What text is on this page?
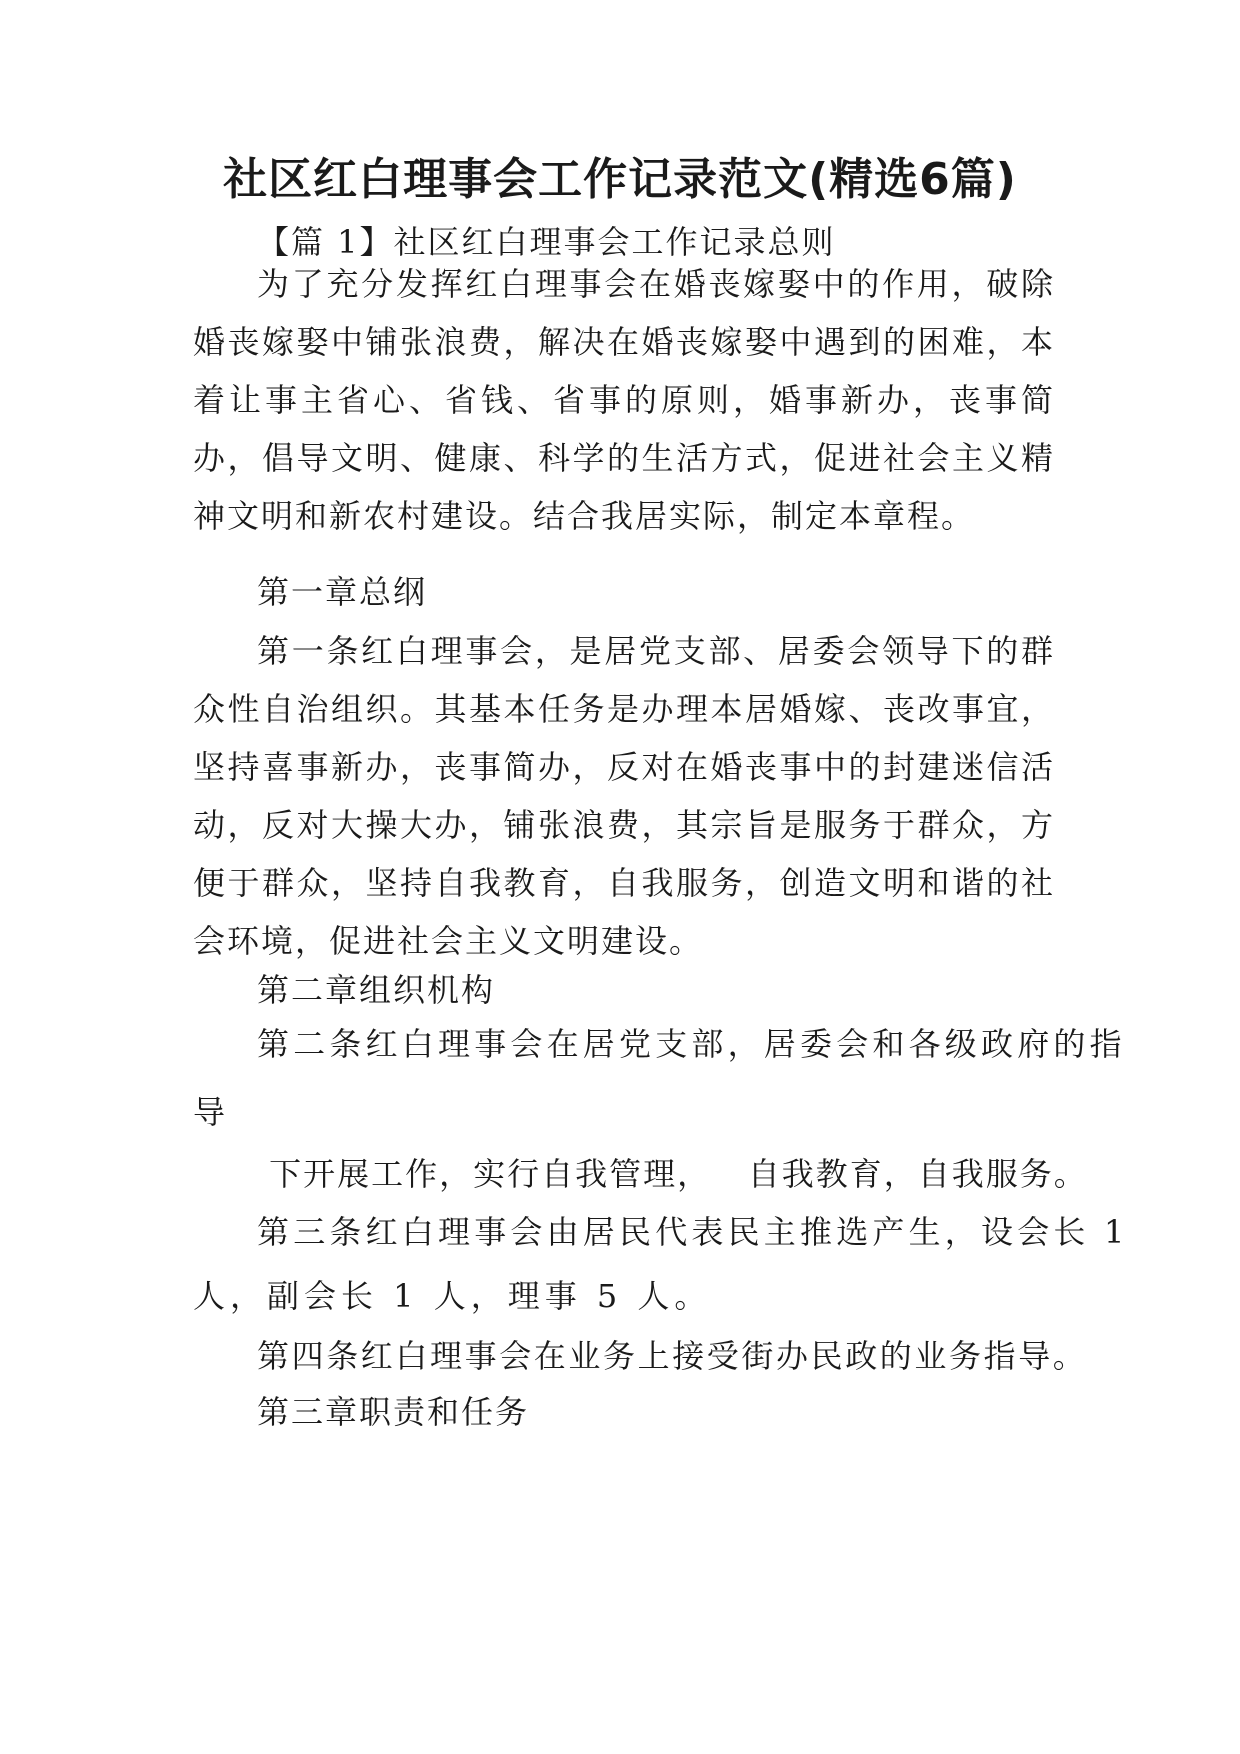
社区红白理事会工作记录范文(精选6篇)

【篇 1】社区红白理事会工作记录总则

为了充分发挥红白理事会在婚丧嫁娶中的作用，破除婚丧嫁娶中铺张浪费，解决在婚丧嫁娶中遇到的困难，本着让事主省心、省钱、省事的原则，婚事新办，丧事简办，倡导文明、健康、科学的生活方式，促进社会主义精神文明和新农村建设。结合我居实际，制定本章程。

第一章总纲

第一条红白理事会，是居党支部、居委会领导下的群众性自治组织。其基本任务是办理本居婚嫁、丧改事宜，坚持喜事新办，丧事简办，反对在婚丧事中的封建迷信活动，反对大操大办，铺张浪费，其宗旨是服务于群众，方便于群众，坚持自我教育，自我服务，创造文明和谐的社会环境，促进社会主义文明建设。

第二章组织机构

第二条红白理事会在居党支部，居委会和各级政府的指

导

下开展工作，实行自我管理，   自我教育，自我服务。

第三条红白理事会由居民代表民主推选产生，设会长 1

人，副会长 1 人，理事 5 人。

第四条红白理事会在业务上接受街办民政的业务指导。

第三章职责和任务
